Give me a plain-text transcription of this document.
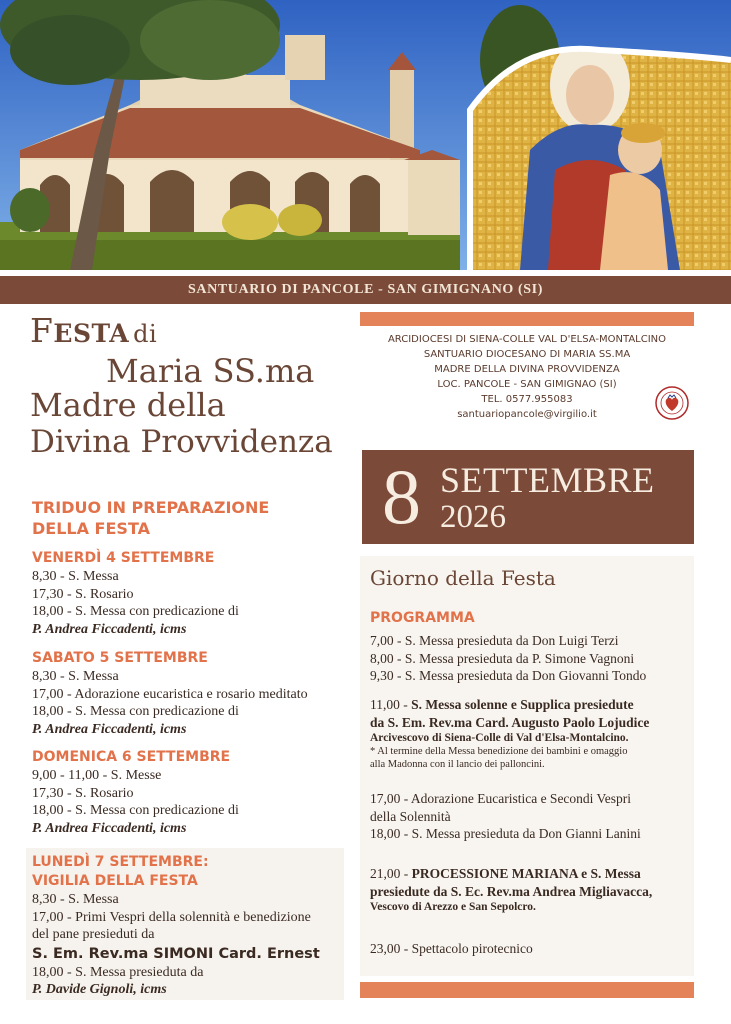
SANTUARIO DI PANCOLE - SAN GIMIGNANO (SI)
FESTA di
Maria SS.ma
Madre della
Divina Provvidenza
TRIDUO IN PREPARAZIONE
DELLA FESTA
VENERDÌ 4 SETTEMBRE
8,30 - S. Messa
17,30 - S. Rosario
18,00 - S. Messa con predicazione di
P. Andrea Ficcadenti, icms
SABATO 5 SETTEMBRE
8,30 - S. Messa
17,00 - Adorazione eucaristica e rosario meditato
18,00 - S. Messa con predicazione di
P. Andrea Ficcadenti, icms
DOMENICA 6 SETTEMBRE
9,00 - 11,00 - S. Messe
17,30 - S. Rosario
18,00 - S. Messa con predicazione di
P. Andrea Ficcadenti, icms
LUNEDÌ 7 SETTEMBRE:
VIGILIA DELLA FESTA
8,30 - S. Messa
17,00 - Primi Vespri della solennità e benedizione
del pane presieduti da
S. Em. Rev.ma SIMONI Card. Ernest
18,00 - S. Messa presieduta da
P. Davide Gignoli, icms
ARCIDIOCESI DI SIENA-COLLE VAL D'ELSA-MONTALCINO
SANTUARIO DIOCESANO DI MARIA SS.MA
MADRE DELLA DIVINA PROVVIDENZA
LOC. PANCOLE - SAN GIMIGNAO (SI)
TEL. 0577.955083
santuariopancole@virgilio.it
8 SETTEMBRE
2026
Giorno della Festa
PROGRAMMA
7,00 - S. Messa presieduta da Don Luigi Terzi
8,00 - S. Messa presieduta da P. Simone Vagnoni
9,30 - S. Messa presieduta da Don Giovanni Tondo
11,00 - S. Messa solenne e Supplica presiedute
da S. Em. Rev.ma Card. Augusto Paolo Lojudice
Arcivescovo di Siena-Colle di Val d'Elsa-Montalcino.
* Al termine della Messa benedizione dei bambini e omaggio
alla Madonna con il lancio dei palloncini.
17,00 - Adorazione Eucaristica e Secondi Vespri
della Solennità
18,00 - S. Messa presieduta da Don Gianni Lanini
21,00 - PROCESSIONE MARIANA e S. Messa
presiedute da S. Ec. Rev.ma Andrea Migliavacca,
Vescovo di Arezzo e San Sepolcro.
23,00 - Spettacolo pirotecnico
